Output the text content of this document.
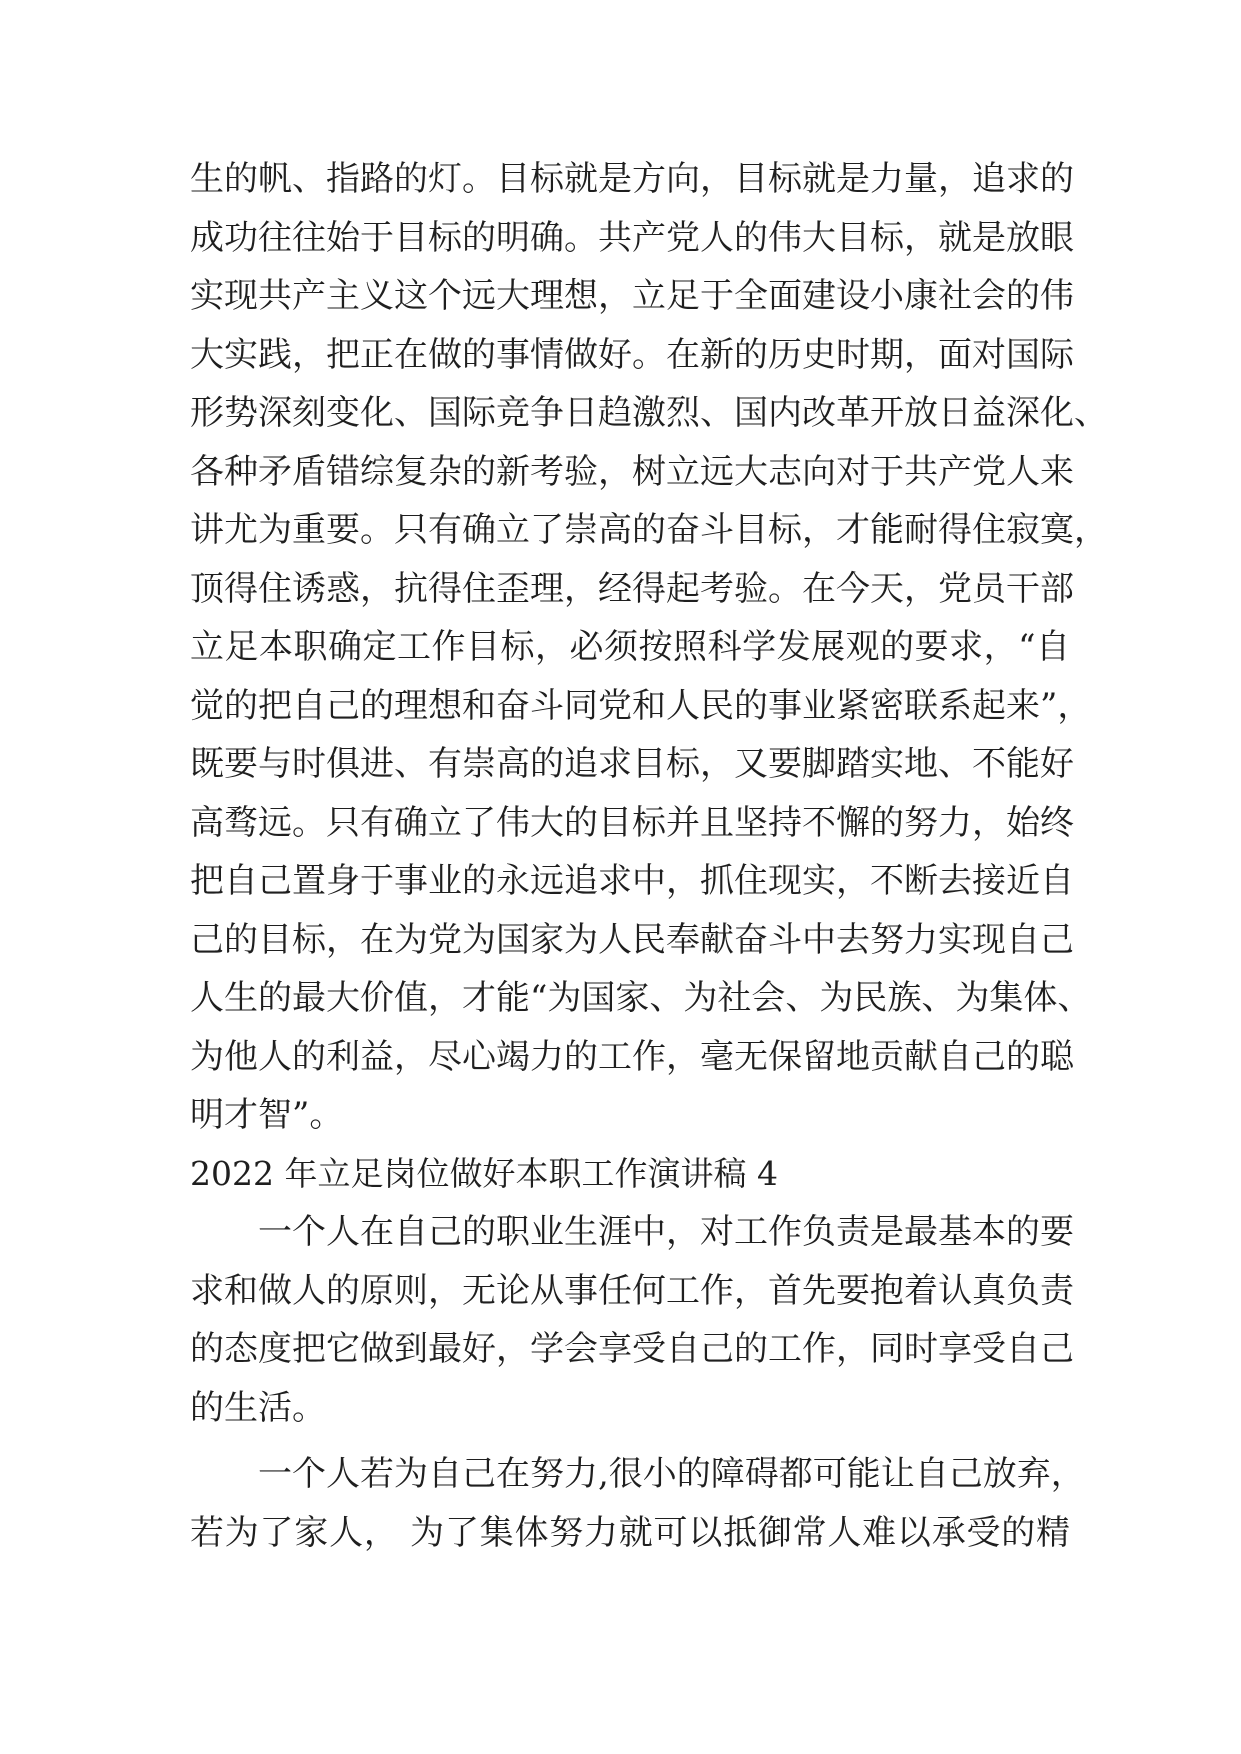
生的帆、指路的灯。目标就是方向，目标就是力量，追求的
成功往往始于目标的明确。共产党人的伟大目标，就是放眼
实现共产主义这个远大理想，立足于全面建设小康社会的伟
大实践，把正在做的事情做好。在新的历史时期，面对国际
形势深刻变化、国际竞争日趋激烈、国内改革开放日益深化、
各种矛盾错综复杂的新考验，树立远大志向对于共产党人来
讲尤为重要。只有确立了崇高的奋斗目标，才能耐得住寂寞，
顶得住诱惑，抗得住歪理，经得起考验。在今天，党员干部
立足本职确定工作目标，必须按照科学发展观的要求，“自
觉的把自己的理想和奋斗同党和人民的事业紧密联系起来”，
既要与时俱进、有崇高的追求目标，又要脚踏实地、不能好
高骛远。只有确立了伟大的目标并且坚持不懈的努力，始终
把自己置身于事业的永远追求中，抓住现实，不断去接近自
己的目标，在为党为国家为人民奉献奋斗中去努力实现自己
人生的最大价值，才能“为国家、为社会、为民族、为集体、
为他人的利益，尽心竭力的工作，毫无保留地贡献自己的聪
明才智”。
2022 年立足岗位做好本职工作演讲稿 4
一个人在自己的职业生涯中，对工作负责是最基本的要
求和做人的原则，无论从事任何工作，首先要抱着认真负责
的态度把它做到最好，学会享受自己的工作，同时享受自己
的生活。
一个人若为自己在努力,很小的障碍都可能让自己放弃，
若为了家人， 为了集体努力就可以抵御常人难以承受的精
